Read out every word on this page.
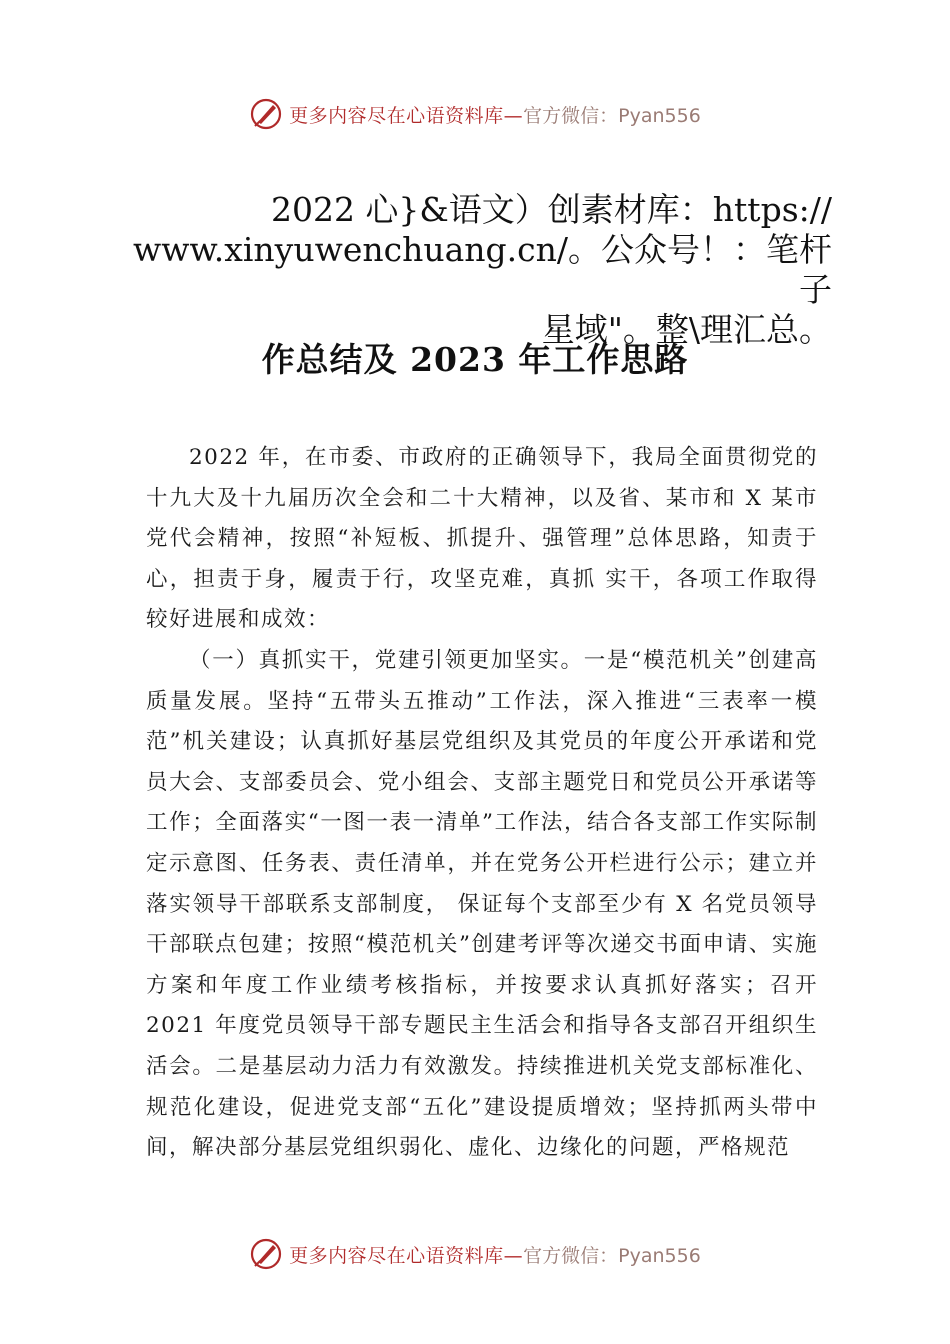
更多内容尽在心语资料库— 官方微信：Pyan556
2022 心}&语文）创素材库：https://
www.xinyuwenchuang.cn/。公众号！：笔杆子
星域"。整\理汇总。
作总结及 2023 年工作思路

2022 年，在市委、市政府的正确领导下，我局全面贯彻党的十九大及十九届历次全会和二十大精神，以及省、某市和 X 某市党代会精神，按照“补短板、抓提升、强管理”总体思路，知责于心，担责于身，履责于行，攻坚克难，真抓 实干，各项工作取得较好进展和成效：

（一）真抓实干，党建引领更加坚实。一是“模范机关”创建高质量发展。坚持“五带头五推动”工作法，深入推进“三表率一模范”机关建设；认真抓好基层党组织及其党员的年度公开承诺和党员大会、支部委员会、党小组会、支部主题党日和党员公开承诺等工作；全面落实“一图一表一清单”工作法，结合各支部工作实际制定示意图、任务表、责任清单，并在党务公开栏进行公示；建立并落实领导干部联系支部制度， 保证每个支部至少有 X 名党员领导干部联点包建；按照“模范机关”创建考评等次递交书面申请、实施方案和年度工作业绩考核指标，并按要求认真抓好落实；召开 2021 年度党员领导干部专题民主生活会和指导各支部召开组织生活会。二是基层动力活力有效激发。持续推进机关党支部标准化、规范化建设，促进党支部“五化”建设提质增效；坚持抓两头带中间，解决部分基层党组织弱化、虚化、边缘化的问题，严格规范

更多内容尽在心语资料库— 官方微信：Pyan556
